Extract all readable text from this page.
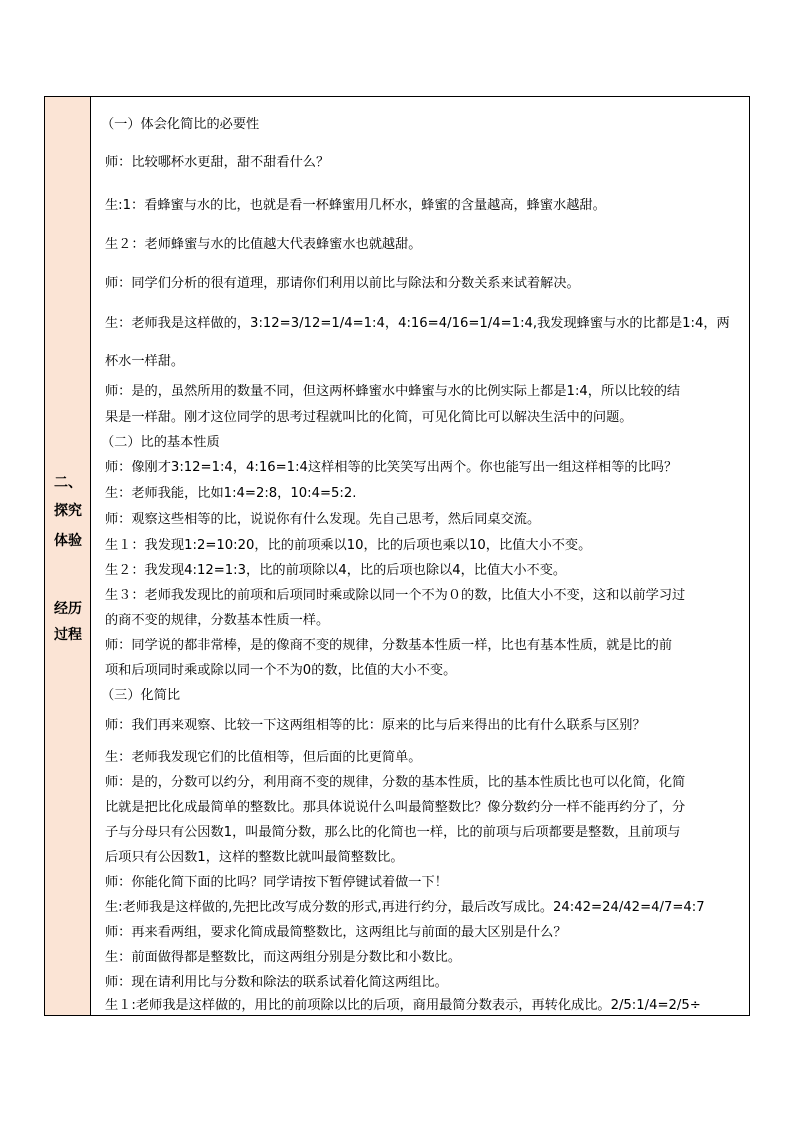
二、
探究
体验
经历
过程
（一）体会化简比的必要性
师：比较哪杯水更甜，甜不甜看什么？
生:1：看蜂蜜与水的比，也就是看一杯蜂蜜用几杯水，蜂蜜的含量越高，蜂蜜水越甜。
生２：老师蜂蜜与水的比值越大代表蜂蜜水也就越甜。
师：同学们分析的很有道理，那请你们利用以前比与除法和分数关系来试着解决。
生：老师我是这样做的，3:12=3/12=1/4=1:4，4:16=4/16=1/4=1:4,我发现蜂蜜与水的比都是1:4，两
杯水一样甜。
师：是的，虽然所用的数量不同，但这两杯蜂蜜水中蜂蜜与水的比例实际上都是1:4，所以比较的结
果是一样甜。刚才这位同学的思考过程就叫比的化简，可见化简比可以解决生活中的问题。
（二）比的基本性质
师：像刚才3:12=1:4，4:16=1:4这样相等的比笑笑写出两个。你也能写出一组这样相等的比吗？
生：老师我能，比如1:4=2:8，10:4=5:2.
师：观察这些相等的比，说说你有什么发现。先自己思考，然后同桌交流。
生１：我发现1:2=10:20，比的前项乘以10，比的后项也乘以10，比值大小不变。
生２：我发现4:12=1:3，比的前项除以4，比的后项也除以4，比值大小不变。
生３：老师我发现比的前项和后项同时乘或除以同一个不为０的数，比值大小不变，这和以前学习过
的商不变的规律，分数基本性质一样。
师：同学说的都非常棒，是的像商不变的规律，分数基本性质一样，比也有基本性质，就是比的前
项和后项同时乘或除以同一个不为0的数，比值的大小不变。
（三）化简比
师：我们再来观察、比较一下这两组相等的比：原来的比与后来得出的比有什么联系与区别？
生：老师我发现它们的比值相等，但后面的比更简单。
师：是的，分数可以约分，利用商不变的规律，分数的基本性质，比的基本性质比也可以化简，化简
比就是把比化成最简单的整数比。那具体说说什么叫最简整数比？像分数约分一样不能再约分了，分
子与分母只有公因数1，叫最简分数，那么比的化简也一样，比的前项与后项都要是整数，且前项与
后项只有公因数1，这样的整数比就叫最简整数比。
师：你能化简下面的比吗？同学请按下暂停键试着做一下！
生:老师我是这样做的,先把比改写成分数的形式,再进行约分，最后改写成比。24:42=24/42=4/7=4:7
师：再来看两组，要求化简成最简整数比，这两组比与前面的最大区别是什么？
生：前面做得都是整数比，而这两组分别是分数比和小数比。
师：现在请利用比与分数和除法的联系试着化简这两组比。
生１:老师我是这样做的，用比的前项除以比的后项，商用最简分数表示，再转化成比。2/5:1/4=2/5÷
